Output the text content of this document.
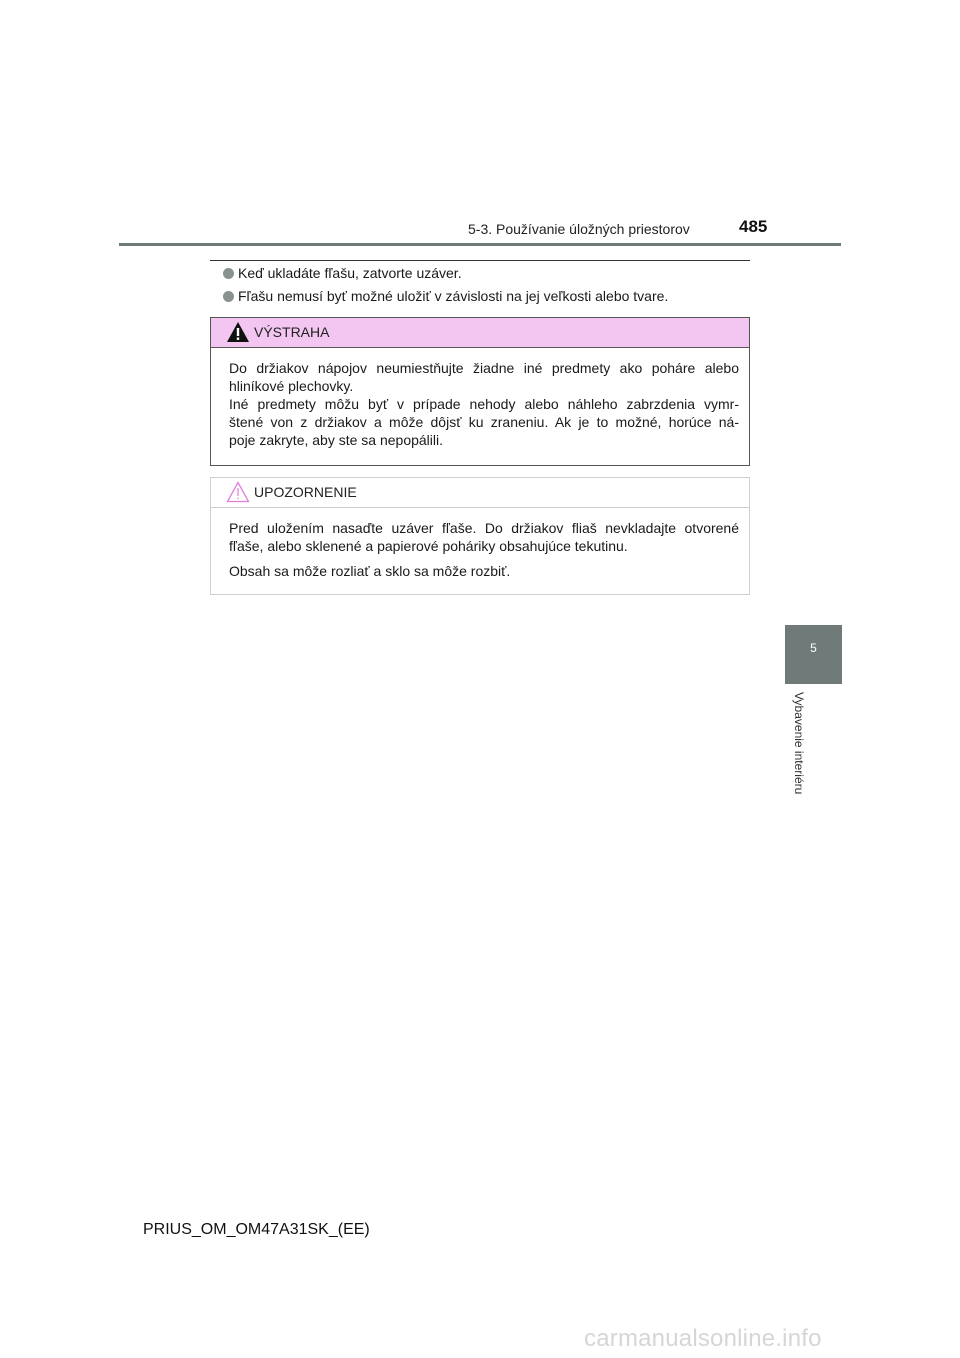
5-3. Používanie úložných priestorov	485
Keď ukladáte fľašu, zatvorte uzáver.
Fľašu nemusí byť možné uložiť v závislosti na jej veľkosti alebo tvare.
VÝSTRAHA

Do držiakov nápojov neumiestňujte žiadne iné predmety ako poháre alebo

hliníkové plechovky.

Iné predmety môžu byť v prípade nehody alebo náhleho zabrzdenia vymr-

štené von z držiakov a môže dôjsť ku zraneniu. Ak je to možné, horúce ná-

poje zakryte, aby ste sa nepopálili.

UPOZORNENIE

Pred uložením nasaďte uzáver fľaše. Do držiakov fliaš nevkladajte otvorené

fľaše, alebo sklenené a papierové poháriky obsahujúce tekutinu.

Obsah sa môže rozliať a sklo sa môže rozbiť.

5
Vybavenie interiéru
PRIUS_OM_OM47A31SK_(EE)
carmanualsonline.info
